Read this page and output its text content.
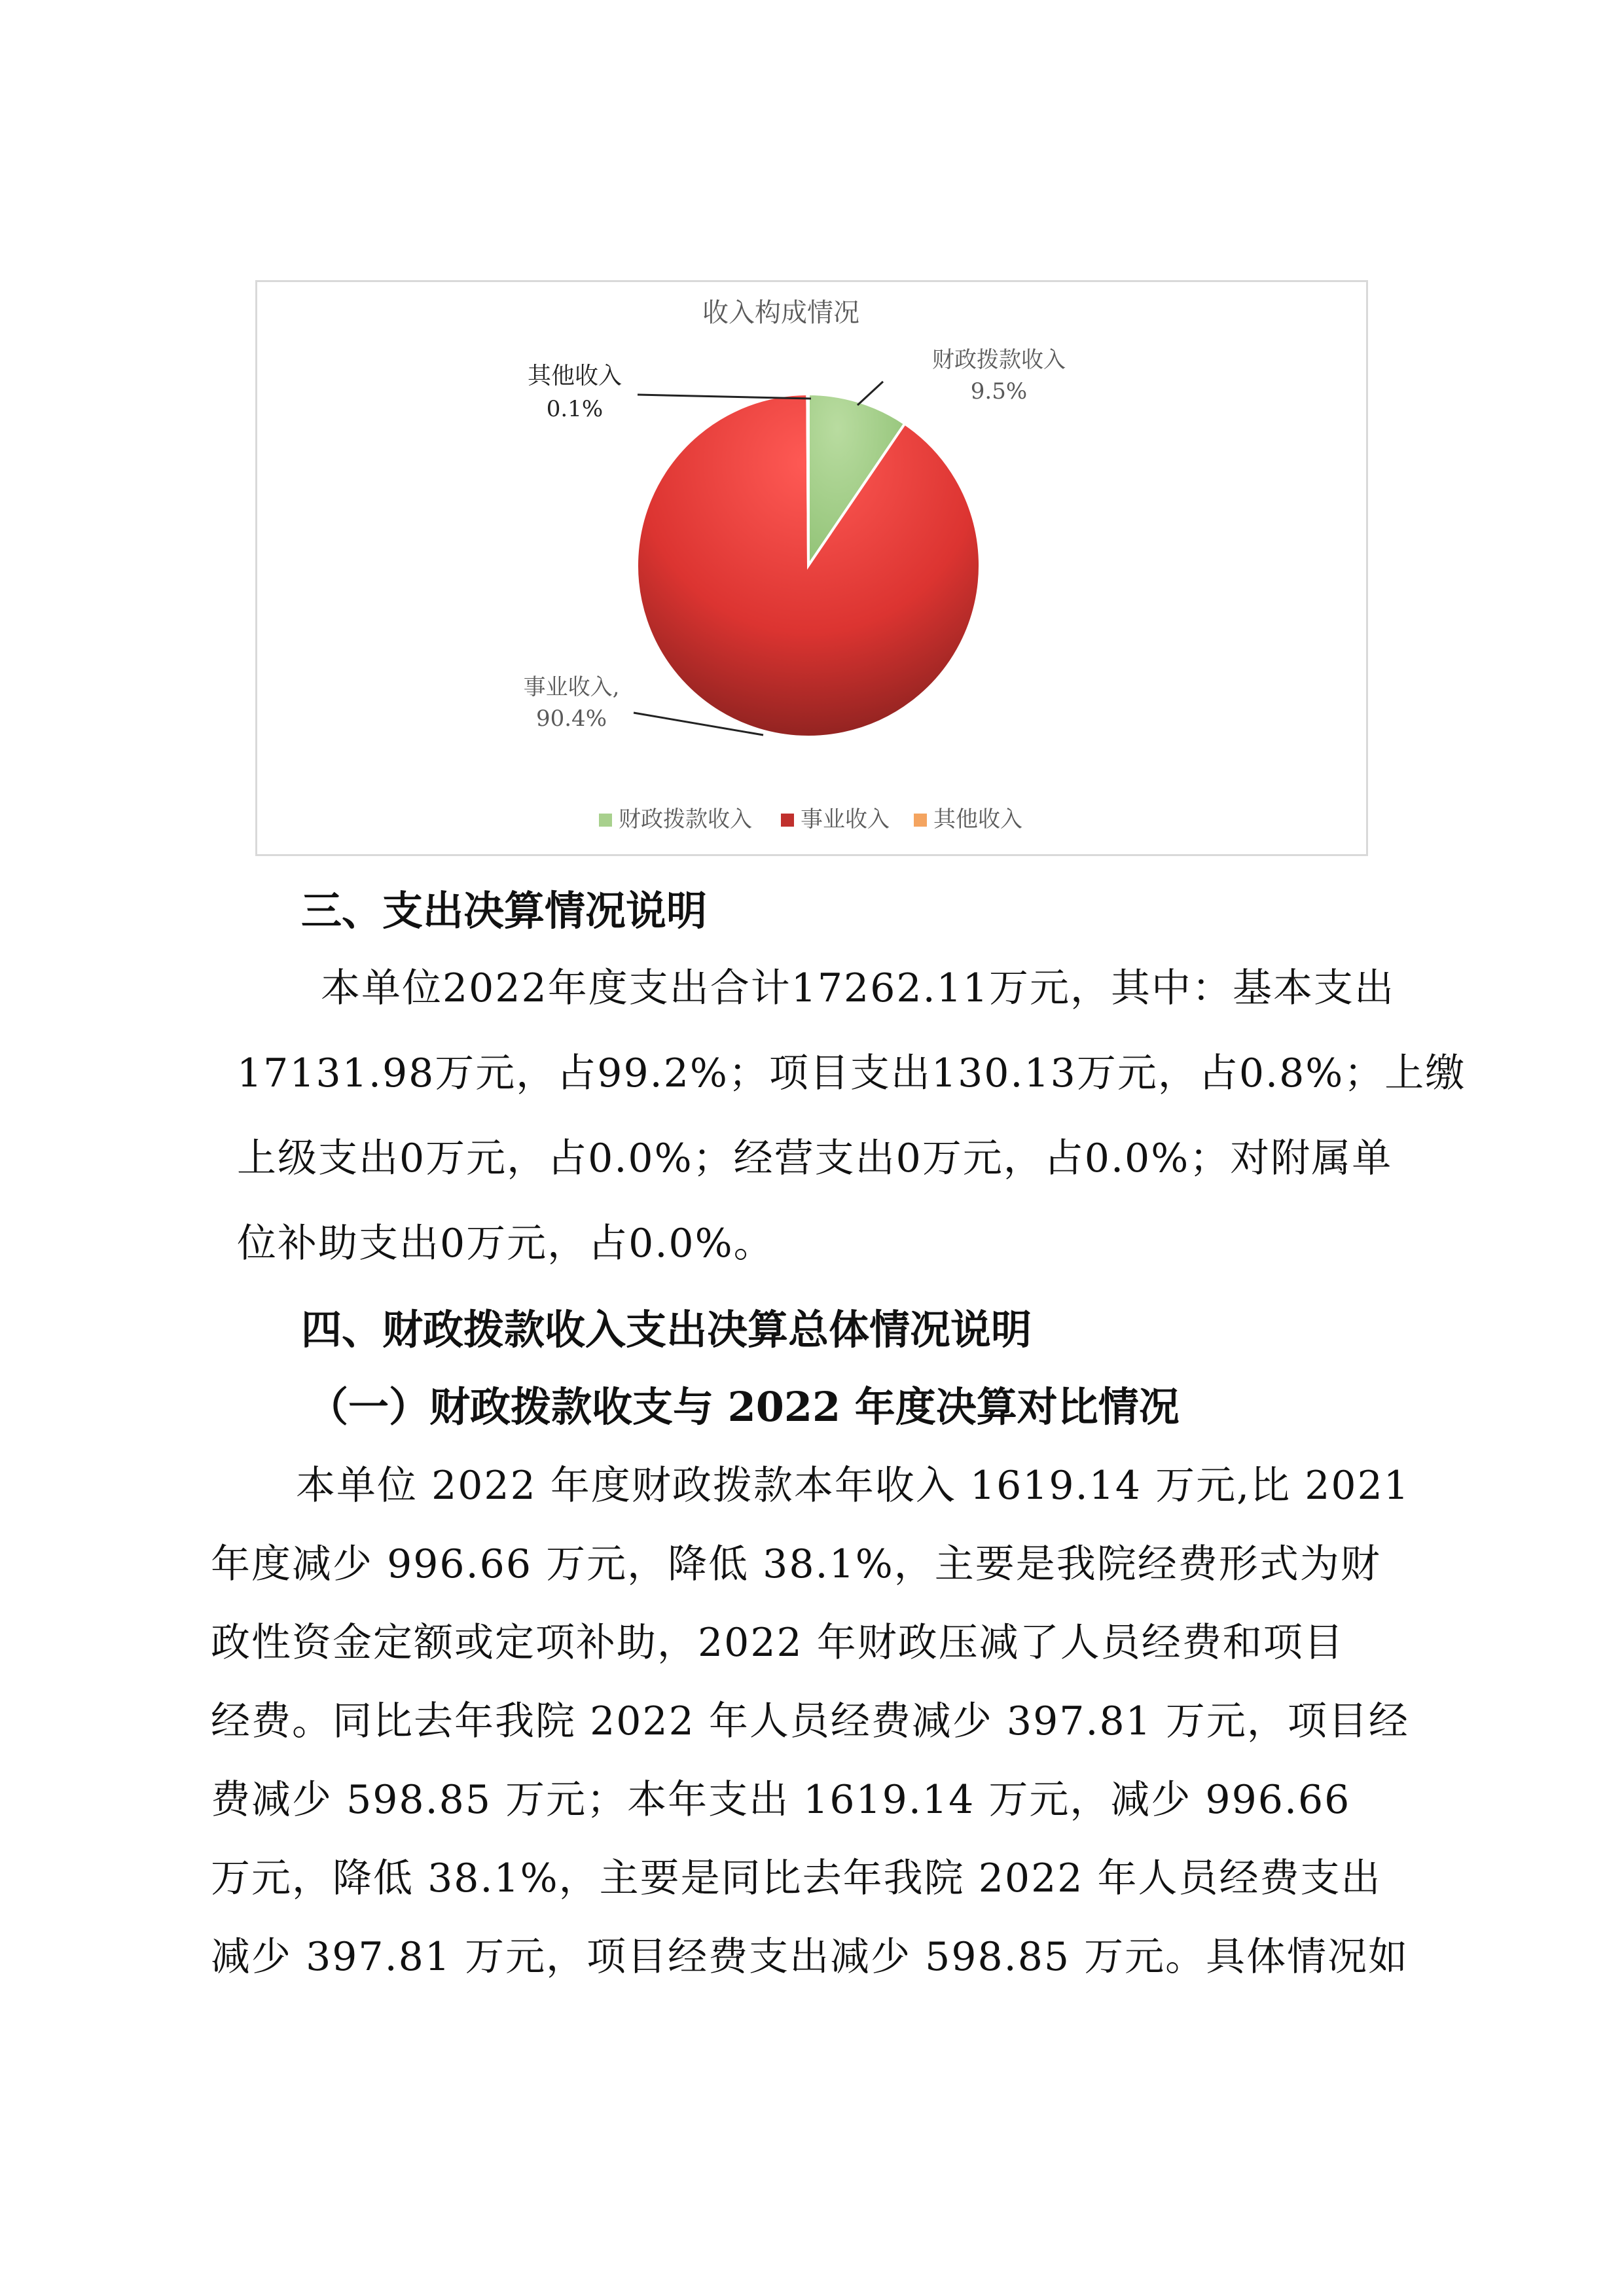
收入构成情况
其他收入
0.1%
财政拨款收入
9.5%
事业收入,
90.4%
财政拨款收入 事业收入 其他收入
三、支出决算情况说明
本单位2022年度支出合计17262.11万元，其中：基本支出
17131.98万元，占99.2%；项目支出130.13万元，占0.8%；上缴
上级支出0万元，占0.0%；经营支出0万元，占0.0%；对附属单
位补助支出0万元，占0.0%。
四、财政拨款收入支出决算总体情况说明
（一）财政拨款收支与 2022 年度决算对比情况
本单位 2022 年度财政拨款本年收入 1619.14 万元,比 2021
年度减少 996.66 万元，降低 38.1%，主要是我院经费形式为财
政性资金定额或定项补助，2022 年财政压减了人员经费和项目
经费。同比去年我院 2022 年人员经费减少 397.81 万元，项目经
费减少 598.85 万元；本年支出 1619.14 万元，减少 996.66
万元，降低 38.1%，主要是同比去年我院 2022 年人员经费支出
减少 397.81 万元，项目经费支出减少 598.85 万元。具体情况如
